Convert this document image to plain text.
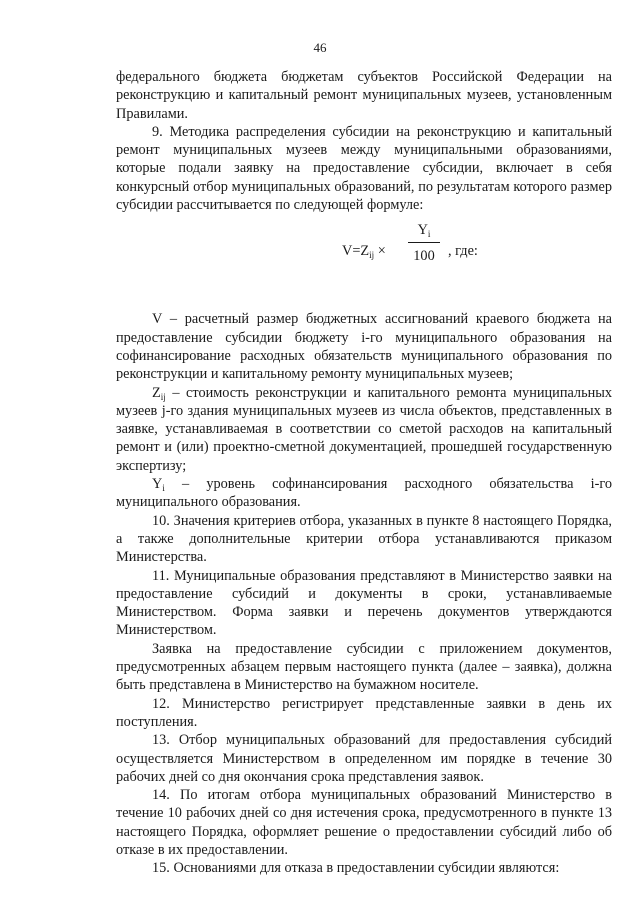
46

федерального бюджета бюджетам субъектов Российской Федерации на реконструкцию и капитальный ремонт муниципальных музеев, установленным Правилами.

9. Методика распределения субсидии на реконструкцию и капитальный ремонт муниципальных музеев между муниципальными образованиями, которые подали заявку на предоставление субсидии, включает в себя конкурсный отбор муниципальных образований, по результатам которого размер субсидии рассчитывается по следующей формуле:

$V=Z_{ij}$ ×
$Y_i$
100 , где:

V – расчетный размер бюджетных ассигнований краевого бюджета на предоставление субсидии бюджету i-го муниципального образования на софинансирование расходных обязательств муниципального образования по реконструкции и капитальному ремонту муниципальных музеев;

$Z_{ij}$ – стоимость реконструкции и капитального ремонта муниципальных музеев j-го здания муниципальных музеев из числа объектов, представленных в заявке, устанавливаемая в соответствии со сметой расходов на капитальный ремонт и (или) проектно-сметной документацией, прошедшей государственную экспертизу;

$Y_i$ – уровень софинансирования расходного обязательства i-го муниципального образования.

10. Значения критериев отбора, указанных в пункте 8 настоящего Порядка, а также дополнительные критерии отбора устанавливаются приказом Министерства.

11. Муниципальные образования представляют в Министерство заявки на предоставление субсидий и документы в сроки, устанавливаемые Министерством. Форма заявки и перечень документов утверждаются Министерством.

Заявка на предоставление субсидии с приложением документов, предусмотренных абзацем первым настоящего пункта (далее – заявка), должна быть представлена в Министерство на бумажном носителе.

12. Министерство регистрирует представленные заявки в день их поступления.

13. Отбор муниципальных образований для предоставления субсидий осуществляется Министерством в определенном им порядке в течение 30 рабочих дней со дня окончания срока представления заявок.

14. По итогам отбора муниципальных образований Министерство в течение 10 рабочих дней со дня истечения срока, предусмотренного в пункте 13 настоящего Порядка, оформляет решение о предоставлении субсидий либо об отказе в их предоставлении.

15. Основаниями для отказа в предоставлении субсидии являются:
